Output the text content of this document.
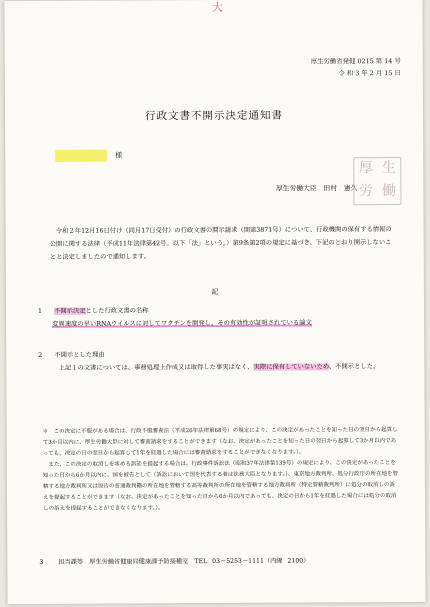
大
厚生労働省発健 0215 第 14 号
令 和 3 年 2 月 15 日
行政文書不開示決定通知書
様
厚生労働大臣　田村　憲久
厚 生
労 働
令和２年12月16日付け（同月17日受付）の行政文書の開示請求（開第3871号）について、行政機関の保有する情報の公開に関する法律（平成11年法律第42号。以下「法」という。）第9条第2項の規定に基づき、下記のとおり開示しないことと決定しましたので通知します。
記
1 不開示決定とした行政文書の名称
変異速度の早いRNAウイルスに対してワクチンを開発し、その有効性が証明されている論文
2 不開示とした理由
上記１の文書については、事務処理上作成又は取得した事実はなく、実際に保有していないため、不開示とした。

＊　この決定に不服がある場合は、行政不服審査法（平成26年法律第68号）の規定により、この決定があったことを知った日の翌日から起算して3か月以内に、厚生労働大臣に対して審査請求をすることができます（なお、決定があったことを知った日の翌日から起算して3か月以内であっても、決定の日の翌日から起算して1年を経過した場合には審査請求をすることができなくなります。）。

また、この決定の取消しを求める訴訟を提起する場合は、行政事件訴訟法（昭和37年法律第139号）の規定により、この決定があったことを知った日から6か月以内に、国を被告として（訴訟において国を代表する者は法務大臣となります。）、東京地方裁判所、処分行政庁の所在地を管轄する地方裁判所又は原告の普通裁判籍の所在地を管轄する高等裁判所の所在地を管轄する地方裁判所（特定管轄裁判所）に処分の取消しの訴えを提起することができます（なお、決定があったことを知った日から6か月以内であっても、決定の日から1年を経過した場合には処分の取消しの訴えを提起することができなくなります。）。

3 担当課等　厚生労働省健康局健康課予防接種室　TEL 03－5253－1111（内線 2100）
